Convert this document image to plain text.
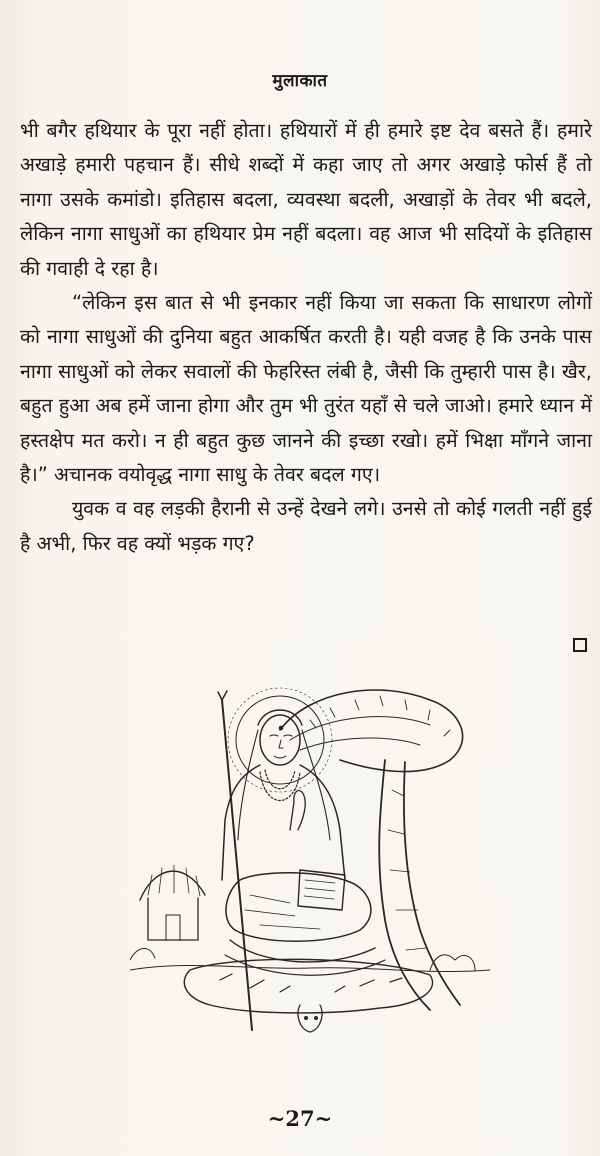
मुलाकात

भी बगैर हथियार के पूरा नहीं होता। हथियारों में ही हमारे इष्ट देव बसते हैं। हमारे अखाड़े हमारी पहचान हैं। सीधे शब्दों में कहा जाए तो अगर अखाड़े फोर्स हैं तो नागा उसके कमांडो। इतिहास बदला, व्यवस्था बदली, अखाड़ों के तेवर भी बदले, लेकिन नागा साधुओं का हथियार प्रेम नहीं बदला। वह आज भी सदियों के इतिहास की गवाही दे रहा है।

“लेकिन इस बात से भी इनकार नहीं किया जा सकता कि साधारण लोगों को नागा साधुओं की दुनिया बहुत आकर्षित करती है। यही वजह है कि उनके पास नागा साधुओं को लेकर सवालों की फेहरिस्त लंबी है, जैसी कि तुम्हारी पास है। खैर, बहुत हुआ अब हमें जाना होगा और तुम भी तुरंत यहाँ से चले जाओ। हमारे ध्यान में हस्तक्षेप मत करो। न ही बहुत कुछ जानने की इच्छा रखो। हमें भिक्षा माँगने जाना है।” अचानक वयोवृद्ध नागा साधु के तेवर बदल गए।

युवक व वह लड़की हैरानी से उन्हें देखने लगे। उनसे तो कोई गलती नहीं हुई है अभी, फिर वह क्यों भड़क गए?

~27~
